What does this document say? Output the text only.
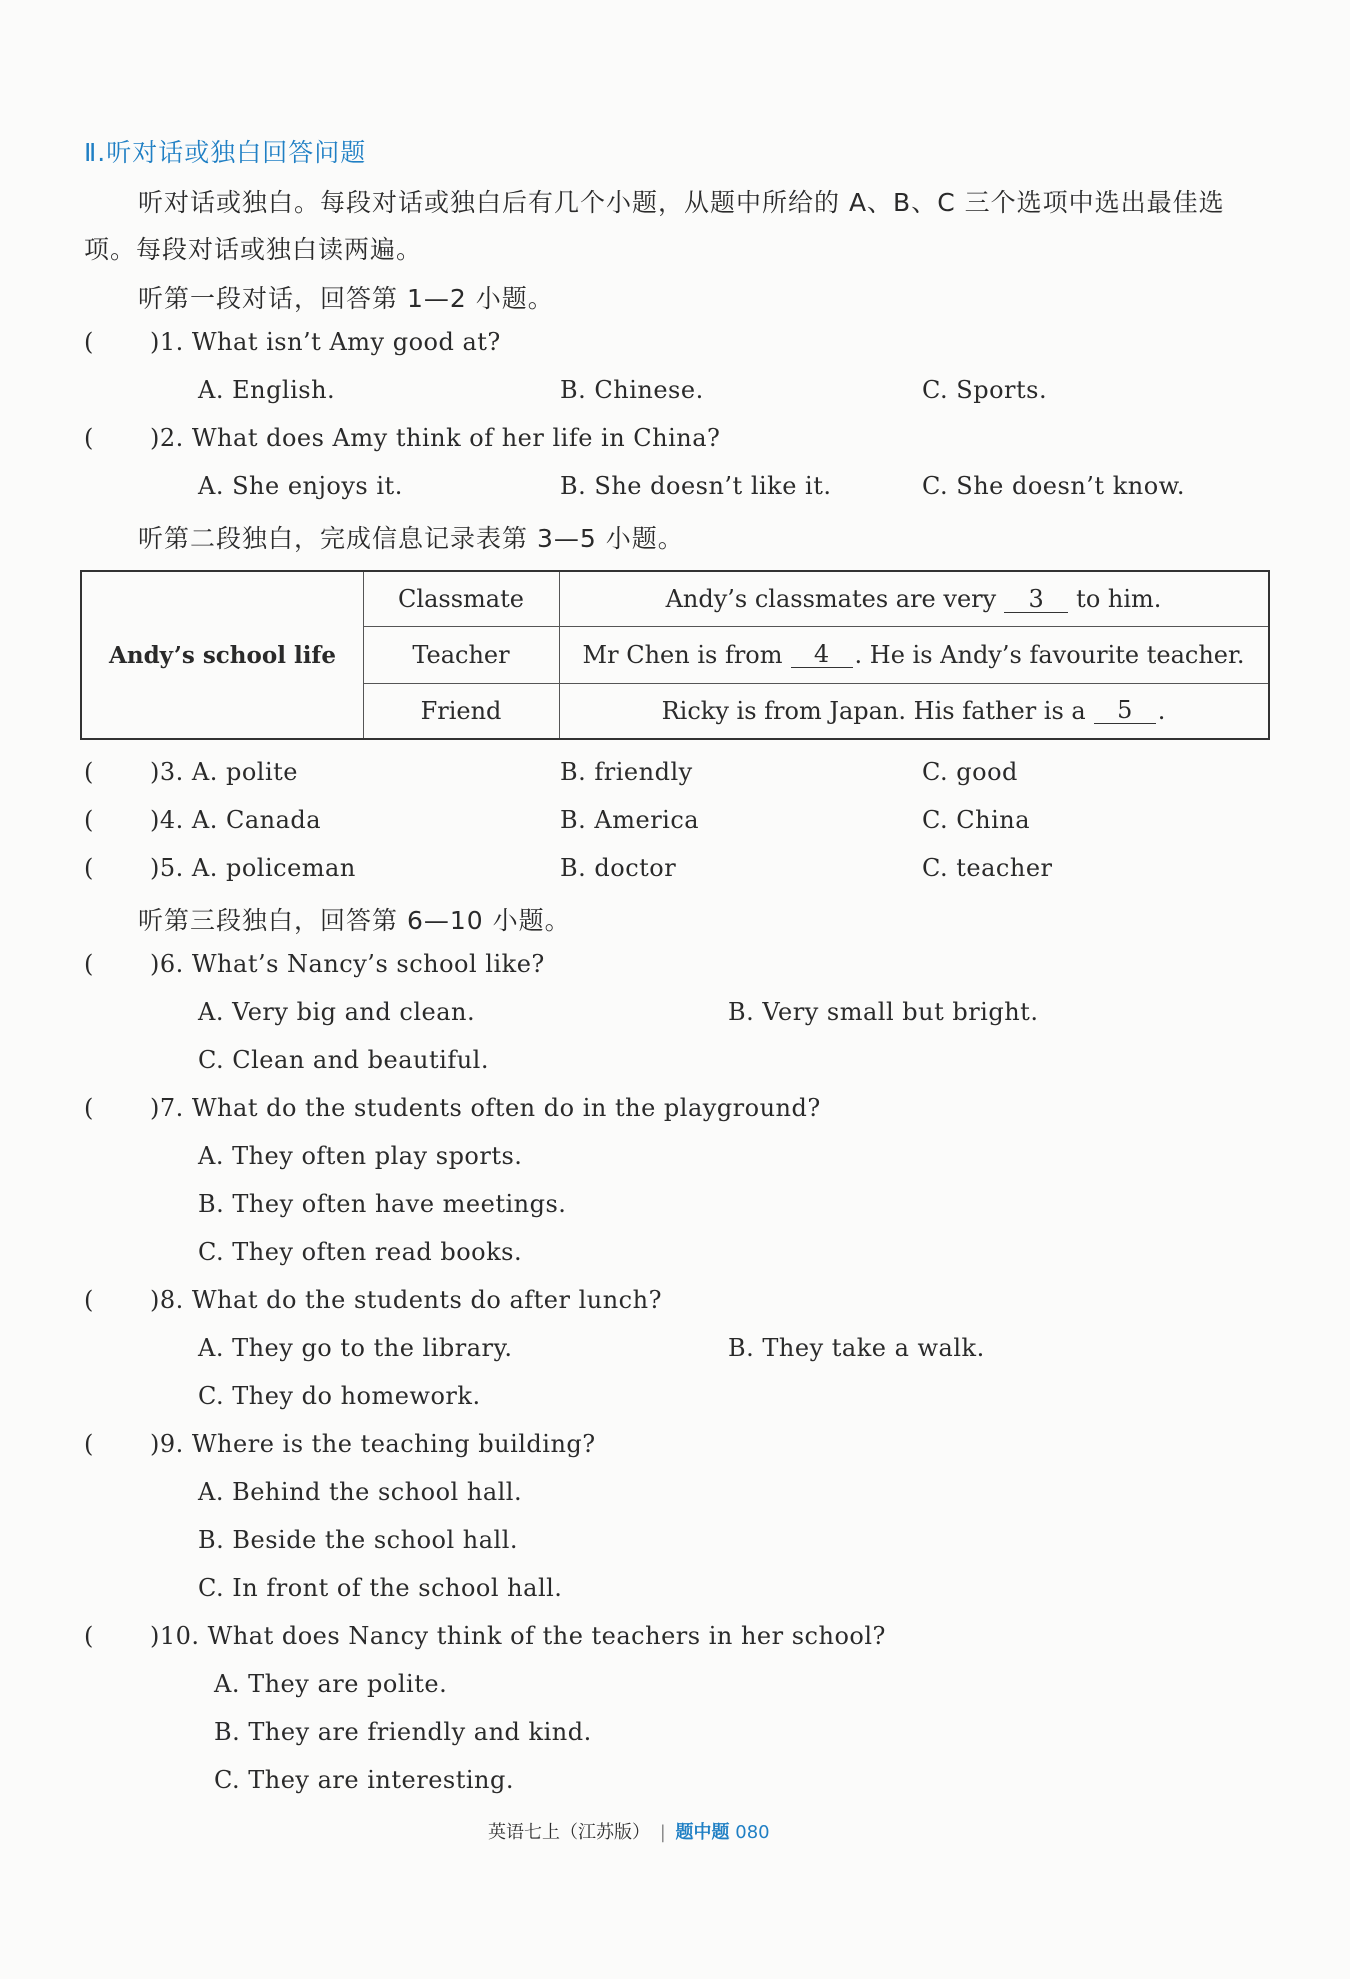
Ⅱ.听对话或独白回答问题
听对话或独白。每段对话或独白后有几个小题，从题中所给的 A、B、C 三个选项中选出最佳选
项。每段对话或独白读两遍。
听第一段对话，回答第 1—2 小题。
( )1. What isn’t Amy good at?
A. English.	B. Chinese.	C. Sports.
( )2. What does Amy think of her life in China?
A. She enjoys it.	B. She doesn’t like it.	C. She doesn’t know.
听第二段独白，完成信息记录表第 3—5 小题。
Andy’s school life
Classmate	Andy’s classmates are very	3	to him.
Teacher	Mr Chen is from	4	. He is Andy’s favourite teacher.
Friend	Ricky is from Japan. His father is a	5	.
( )3. A. polite	B. friendly	C. good
( )4. A. Canada	B. America	C. China
( )5. A. policeman	B. doctor	C. teacher
听第三段独白，回答第 6—10 小题。
( )6. What’s Nancy’s school like?
A. Very big and clean.	B. Very small but bright.
C. Clean and beautiful.
( )7. What do the students often do in the playground?
A. They often play sports.
B. They often have meetings.
C. They often read books.
( )8. What do the students do after lunch?
A. They go to the library.	B. They take a walk.
C. They do homework.
( )9. Where is the teaching building?
A. Behind the school hall.
B. Beside the school hall.
C. In front of the school hall.
( )10. What does Nancy think of the teachers in her school?
A. They are polite.
B. They are friendly and kind.
C. They are interesting.
英语七上（江苏版） | 题中题 080
